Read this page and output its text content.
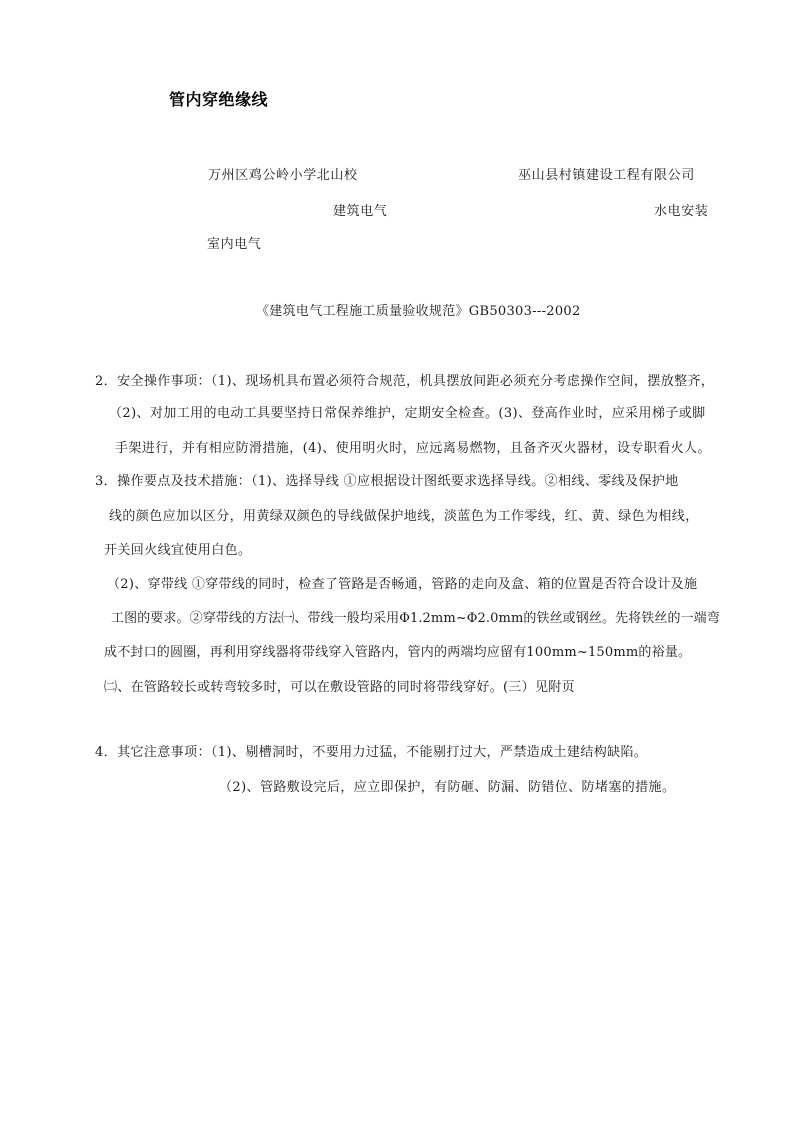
管内穿绝缘线
万州区鸡公岭小学北山校	巫山县村镇建设工程有限公司
建筑电气	水电安装
室内电气
《建筑电气工程施工质量验收规范》GB50303---2002
2．安全操作事项：（1)、现场机具布置必须符合规范，机具摆放间距必须充分考虑操作空间，摆放整齐，
（2)、对加工用的电动工具要坚持日常保养维护，定期安全检查。(3)、登高作业时，应采用梯子或脚
手架进行，并有相应防滑措施，(4)、使用明火时，应远离易燃物，且备齐灭火器材，设专职看火人。
3．操作要点及技术措施：（1)、选择导线 ①应根据设计图纸要求选择导线。②相线、零线及保护地
线的颜色应加以区分，用黄绿双颜色的导线做保护地线，淡蓝色为工作零线，红、黄、绿色为相线，
开关回火线宜使用白色。
（2)、穿带线 ①穿带线的同时，检查了管路是否畅通，管路的走向及盒、箱的位置是否符合设计及施
工图的要求。②穿带线的方法㈠、带线一般均采用Φ1.2mm~Φ2.0mm的铁丝或钢丝。先将铁丝的一端弯
成不封口的圆圈，再利用穿线器将带线穿入管路内，管内的两端均应留有100mm~150mm的裕量。
㈡、在管路较长或转弯较多时，可以在敷设管路的同时将带线穿好。(三）见附页
4．其它注意事项：（1)、剔槽洞时，不要用力过猛，不能剔打过大，严禁造成土建结构缺陷。
（2)、管路敷设完后，应立即保护，有防砸、防漏、防错位、防堵塞的措施。
